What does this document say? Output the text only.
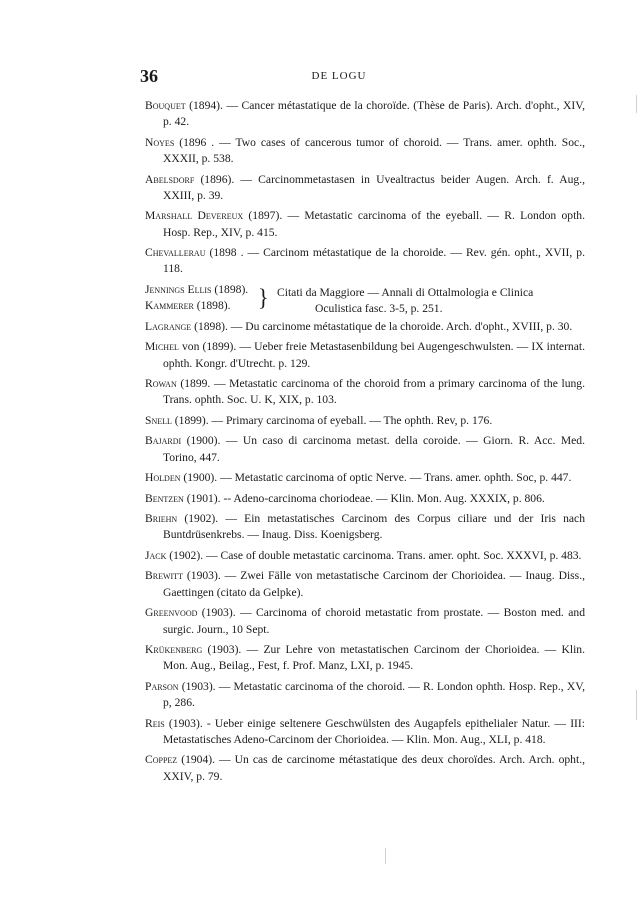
36	DE LOGU
Bouquet (1894). — Cancer métastatique de la choroïde. (Thèse de Paris). Arch. d'opht., XIV, p. 42.
Noyes (1896 . — Two cases of cancerous tumor of choroid. — Trans. amer. ophth. Soc., XXXII, p. 538.
Abelsdorf (1896). — Carcinommetastasen in Uvealtractus beider Augen. Arch. f. Aug., XXIII, p. 39.
Marshall Devereux (1897). — Metastatic carcinoma of the eyeball. — R. London opth. Hosp. Rep., XIV, p. 415.
Chevallerau (1898 . — Carcinom métastatique de la choroide. — Rev. gén. opht., XVII, p. 118.
Jennings Ellis (1898).
Kammerer (1898). } Citati da Maggiore — Annali di Ottalmologia e Clinica
Oculistica fasc. 3-5, p. 251.
Lagrange (1898). — Du carcinome métastatique de la choroide. Arch. d'opht., XVIII, p. 30.
Michel von (1899). — Ueber freie Metastasenbildung bei Augengeschwulsten. — IX internat. ophth. Kongr. d'Utrecht. p. 129.
Rowan (1899. — Metastatic carcinoma of the choroid from a primary carcinoma of the lung. Trans. ophth. Soc. U. K, XIX, p. 103.
Snell (1899). — Primary carcinoma of eyeball. — The ophth. Rev, p. 176.
Bajardi (1900). — Un caso di carcinoma metast. della coroide. — Giorn. R. Acc. Med. Torino, 447.
Holden (1900). — Metastatic carcinoma of optic Nerve. — Trans. amer. ophth. Soc, p. 447.
Bentzen (1901). -- Adeno-carcinoma choriodeae. — Klin. Mon. Aug. XXXIX, p. 806.
Briehn (1902). — Ein metastatisches Carcinom des Corpus ciliare und der Iris nach Buntdrüsenkrebs. — Inaug. Diss. Koenigsberg.
Jack (1902). — Case of double metastatic carcinoma. Trans. amer. opht. Soc. XXXVI, p. 483.
Brewitt (1903). — Zwei Fälle von metastatische Carcinom der Chorioidea. — Inaug. Diss., Gaettingen (citato da Gelpke).
Greenvood (1903). — Carcinoma of choroid metastatic from prostate. — Boston med. and surgic. Journ., 10 Sept.
Krükenberg (1903). — Zur Lehre von metastatischen Carcinom der Chorioidea. — Klin. Mon. Aug., Beilag., Fest, f. Prof. Manz, LXI, p. 1945.
Parson (1903). — Metastatic carcinoma of the choroid. — R. London ophth. Hosp. Rep., XV, p, 286.
Reis (1903). - Ueber einige seltenere Geschwülsten des Augapfels epithelialer Natur. — III: Metastatisches Adeno-Carcinom der Chorioidea. — Klin. Mon. Aug., XLI, p. 418.
Coppez (1904). — Un cas de carcinome métastatique des deux choroïdes. Arch. Arch. opht., XXIV, p. 79.
